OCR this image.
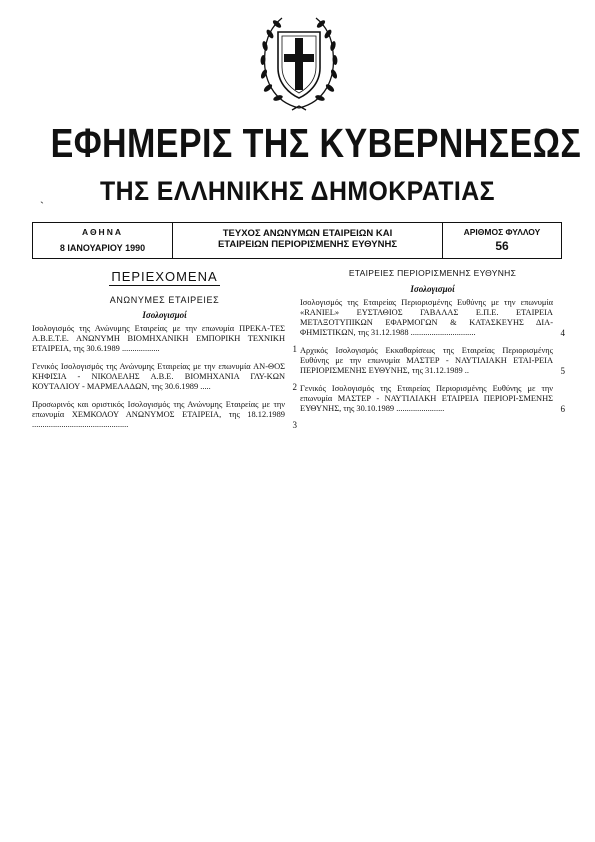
ΕΦΗΜΕΡΙΣ ΤΗΣ ΚΥΒΕΡΝΗΣΕΩΣ
ΤΗΣ ΕΛΛΗΝΙΚΗΣ ΔΗΜΟΚΡΑΤΙΑΣ
ˏ
ΑΘΗΝΑ
8 ΙΑΝΟΥΑΡΙΟΥ 1990
ΤΕΥΧΟΣ ΑΝΩΝΥΜΩΝ ΕΤΑΙΡΕΙΩΝ ΚΑΙ
ΕΤΑΙΡΕΙΩΝ ΠΕΡΙΟΡΙΣΜΕΝΗΣ ΕΥΘΥΝΗΣ
ΑΡΙΘΜΟΣ ΦΥΛΛΟΥ
56
ΠΕΡΙΕΧΟΜΕΝΑ
ΑΝΩΝΥΜΕΣ ΕΤΑΙΡΕΙΕΣ
Ισολογισμοί
Ισολογισμός της Ανώνυμης Εταιρείας με την επωνυμία ΠΡΕΚΑ-ΤΕΣ Α.Β.Ε.Τ.Ε. ΑΝΩΝΥΜΗ ΒΙΟΜΗΧΑΝΙΚΗ ΕΜΠΟΡΙΚΗ ΤΕΧΝΙΚΗ ΕΤΑΙΡΕΙΑ, της 30.6.1989 ..................	1
Γενικός Ισολογισμός της Ανώνυμης Εταιρείας με την επωνυμία ΑΝ-ΘΟΣ ΚΗΦΙΣΙΑ - ΝΙΚΟΛΕΛΗΣ Α.Β.Ε. ΒΙΟΜΗΧΑΝΙΑ ΓΛΥ-ΚΩΝ ΚΟΥΤΑΛΙΟΥ - ΜΑΡΜΕΛΑΔΩΝ, της 30.6.1989 .....	2
Προσωρινός και οριστικός Ισολογισμός της Ανώνυμης Εταιρείας με την επωνυμία ΧΕΜΚΟΛΟΥ ΑΝΩΝΥΜΟΣ ΕΤΑΙΡΕΙΑ, της 18.12.1989 ..............................................	3
ΕΤΑΙΡΕΙΕΣ ΠΕΡΙΟΡΙΣΜΕΝΗΣ ΕΥΘΥΝΗΣ
Ισολογισμοί
Ισολογισμός της Εταιρείας Περιορισμένης Ευθύνης με την επωνυμία «RANIEL» ΕΥΣΤΑΘΙΟΣ ΓΑΒΑΛΑΣ Ε.Π.Ε. ΕΤΑΙΡΕΙΑ ΜΕΤΑΞΟΤΥΠΙΚΩΝ ΕΦΑΡΜΟΓΩΝ & ΚΑΤΑΣΚΕΥΗΣ ΔΙΑ-ΦΗΜΙΣΤΙΚΩΝ, της 31.12.1988 ...............................	4
Αρχικός Ισολογισμός Εκκαθαρίσεως της Εταιρείας Περιορισμένης Ευθύνης με την επωνυμία ΜΑΣΤΕΡ - ΝΑΥΤΙΛΙΑΚΗ ΕΤΑΙ-ΡΕΙΑ ΠΕΡΙΟΡΙΣΜΕΝΗΣ ΕΥΘΥΝΗΣ, της 31.12.1989 ..	5
Γενικός Ισολογισμός της Εταιρείας Περιορισμένης Ευθύνης με την επωνυμία ΜΑΣΤΕΡ - ΝΑΥΤΙΛΙΑΚΗ ΕΤΑΙΡΕΙΑ ΠΕΡΙΟΡΙ-ΣΜΕΝΗΣ ΕΥΘΥΝΗΣ, της 30.10.1989 .......................	6
